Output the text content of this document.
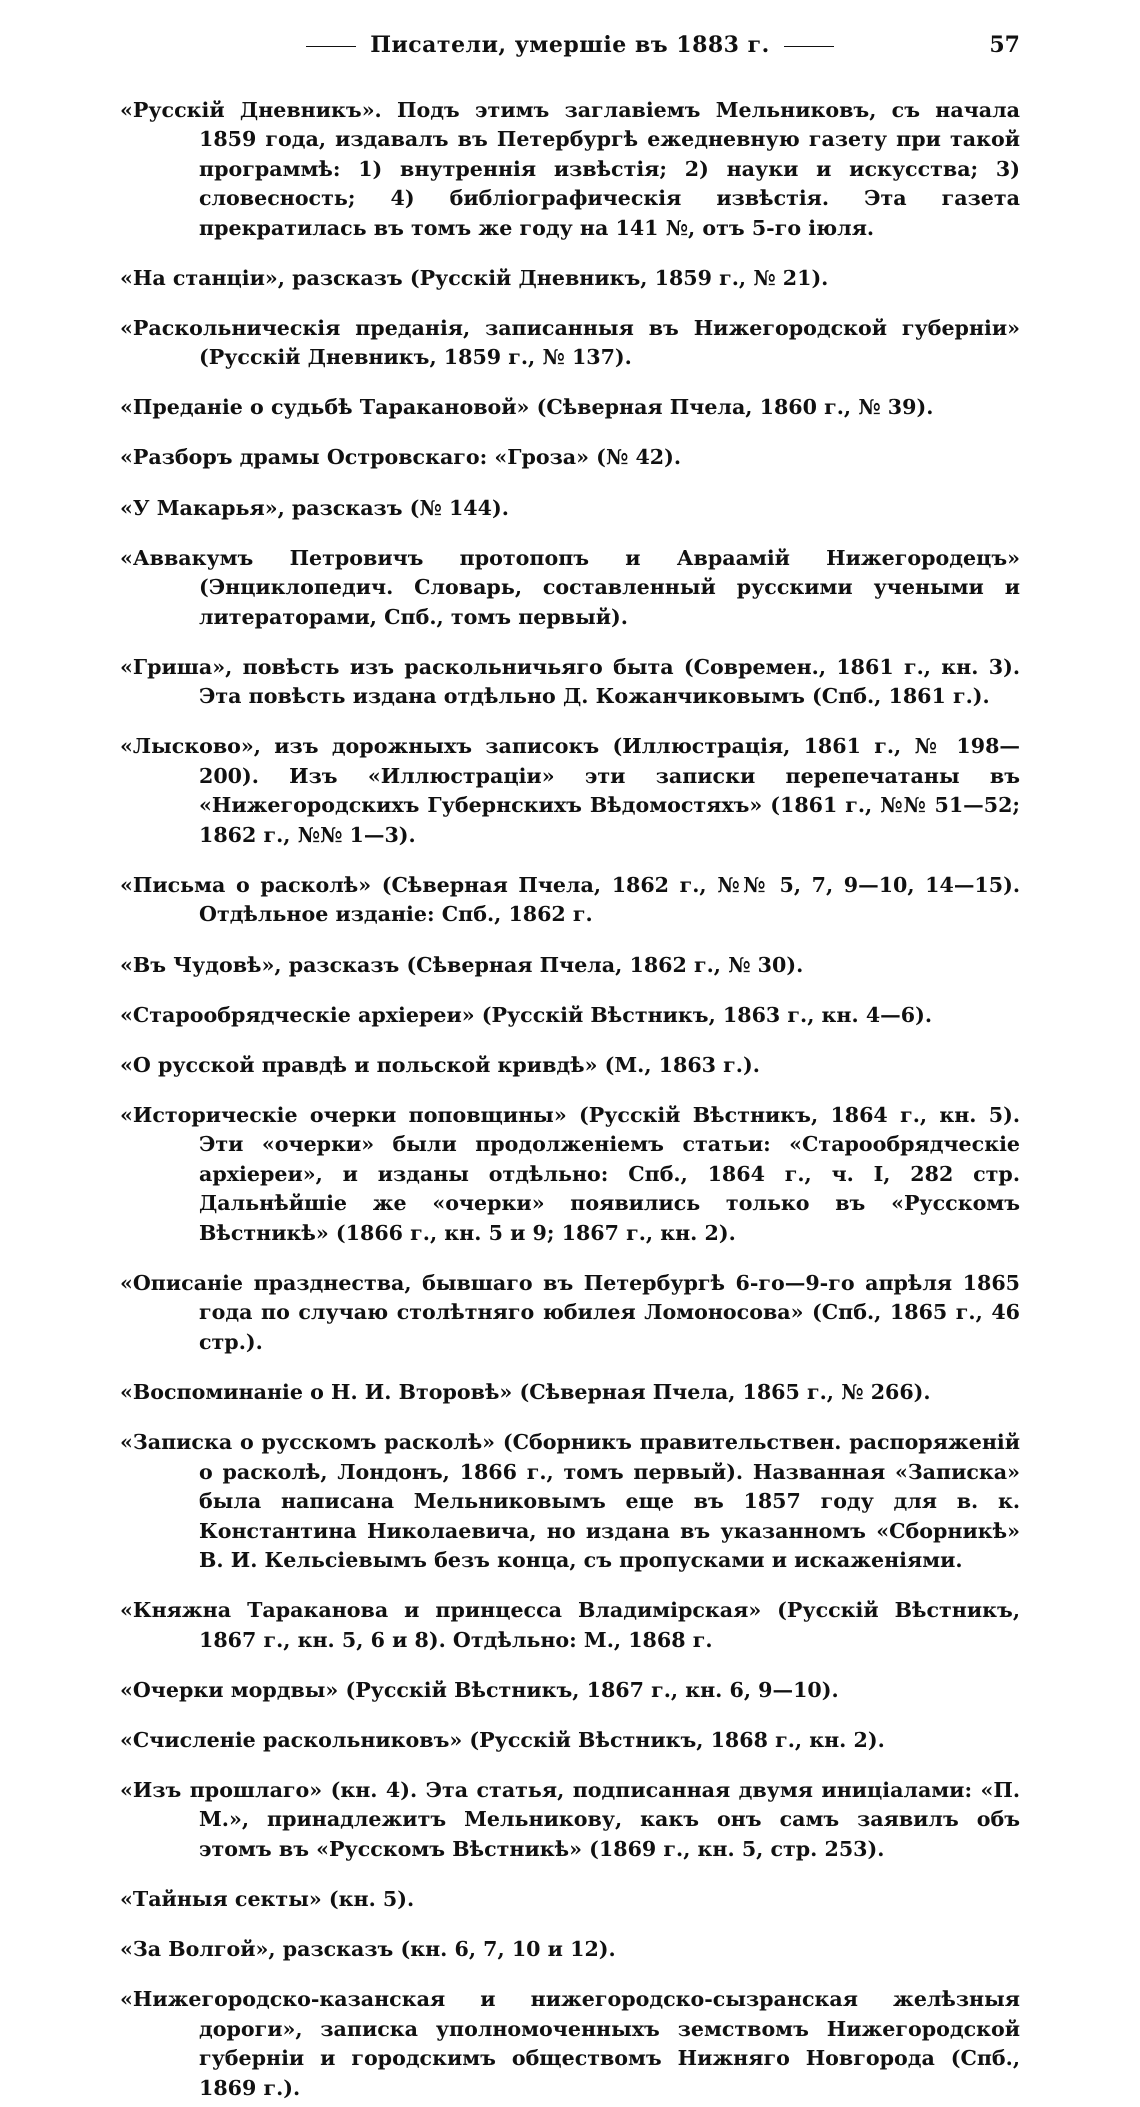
Писатели, умершіе въ 1883 г.	57

«Русскій Дневникъ». Подъ этимъ заглавіемъ Мельниковъ, съ начала 1859 года, издавалъ въ Петербургѣ ежедневную газету при такой программѣ: 1) внутреннія извѣстія; 2) науки и искусства; 3) словесность; 4) библіографическія извѣстія. Эта газета прекратилась въ томъ же году на 141 №, отъ 5-го іюля.

«На станціи», разсказъ (Русскій Дневникъ, 1859 г., № 21).

«Раскольническія преданія, записанныя въ Нижегородской губерніи» (Русскій Дневникъ, 1859 г., № 137).

«Преданіе о судьбѣ Таракановой» (Сѣверная Пчела, 1860 г., № 39).

«Разборъ драмы Островскаго: «Гроза» (№ 42).

«У Макарья», разсказъ (№ 144).

«Аввакумъ Петровичъ протопопъ и Авраамій Нижегородецъ» (Энциклопедич. Словарь, составленный русскими учеными и литераторами, Спб., томъ первый).

«Гриша», повѣсть изъ раскольничьяго быта (Современ., 1861 г., кн. 3). Эта повѣсть издана отдѣльно Д. Кожанчиковымъ (Спб., 1861 г.).

«Лысково», изъ дорожныхъ записокъ (Иллюстрація, 1861 г., № 198—200). Изъ «Иллюстраціи» эти записки перепечатаны въ «Нижегородскихъ Губернскихъ Вѣдомостяхъ» (1861 г., №№ 51—52; 1862 г., №№ 1—3).

«Письма о расколѣ» (Сѣверная Пчела, 1862 г., №№ 5, 7, 9—10, 14—15). Отдѣльное изданіе: Спб., 1862 г.

«Въ Чудовѣ», разсказъ (Сѣверная Пчела, 1862 г., № 30).

«Старообрядческіе архіереи» (Русскій Вѣстникъ, 1863 г., кн. 4—6).

«О русской правдѣ и польской кривдѣ» (М., 1863 г.).

«Историческіе очерки поповщины» (Русскій Вѣстникъ, 1864 г., кн. 5). Эти «очерки» были продолженіемъ статьи: «Старообрядческіе архіереи», и изданы отдѣльно: Спб., 1864 г., ч. I, 282 стр. Дальнѣйшіе же «очерки» появились только въ «Русскомъ Вѣстникѣ» (1866 г., кн. 5 и 9; 1867 г., кн. 2).

«Описаніе празднества, бывшаго въ Петербургѣ 6-го—9-го апрѣля 1865 года по случаю столѣтняго юбилея Ломоносова» (Спб., 1865 г., 46 стр.).

«Воспоминаніе о Н. И. Второвѣ» (Сѣверная Пчела, 1865 г., № 266).

«Записка о русскомъ расколѣ» (Сборникъ правительствен. распоряженій о расколѣ, Лондонъ, 1866 г., томъ первый). Названная «Записка» была написана Мельниковымъ еще въ 1857 году для в. к. Константина Николаевича, но издана въ указанномъ «Сборникѣ» В. И. Кельсіевымъ безъ конца, съ пропусками и искаженіями.

«Княжна Тараканова и принцесса Владимірская» (Русскій Вѣстникъ, 1867 г., кн. 5, 6 и 8). Отдѣльно: М., 1868 г.

«Очерки мордвы» (Русскій Вѣстникъ, 1867 г., кн. 6, 9—10).

«Счисленіе раскольниковъ» (Русскій Вѣстникъ, 1868 г., кн. 2).

«Изъ прошлаго» (кн. 4). Эта статья, подписанная двумя иниціалами: «П. М.», принадлежитъ Мельникову, какъ онъ самъ заявилъ объ этомъ въ «Русскомъ Вѣстникѣ» (1869 г., кн. 5, стр. 253).

«Тайныя секты» (кн. 5).

«За Волгой», разсказъ (кн. 6, 7, 10 и 12).

«Нижегородско-казанская и нижегородско-сызранская желѣзныя дороги», записка уполномоченныхъ земствомъ Нижегородской губерніи и городскимъ обществомъ Нижняго Новгорода (Спб., 1869 г.).
